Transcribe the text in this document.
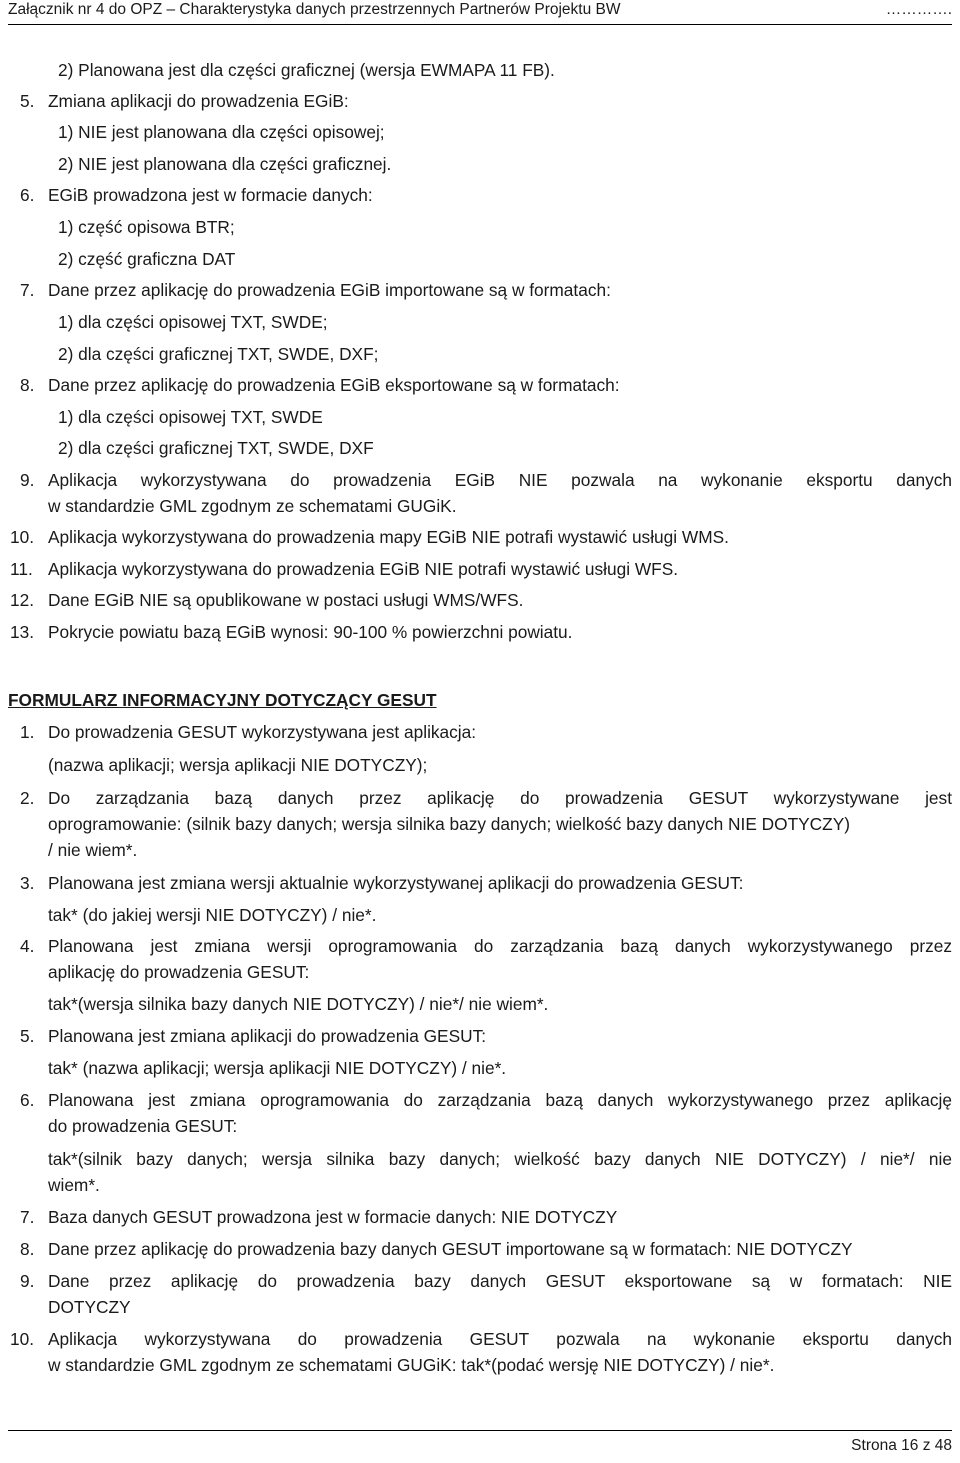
Załącznik nr 4 do OPZ – Charakterystyka danych przestrzennych Partnerów Projektu BW	………….
2) Planowana jest dla części graficznej (wersja EWMAPA 11 FB).
5. Zmiana aplikacji do prowadzenia EGiB:
1) NIE jest planowana dla części opisowej;
2) NIE jest planowana dla części graficznej.
6. EGiB prowadzona jest w formacie danych:
1) część opisowa BTR;
2) część graficzna DAT
7. Dane przez aplikację do prowadzenia EGiB importowane są w formatach:
1) dla części opisowej TXT, SWDE;
2) dla części graficznej TXT, SWDE, DXF;
8. Dane przez aplikację do prowadzenia EGiB eksportowane są w formatach:
1) dla części opisowej TXT, SWDE
2) dla części graficznej TXT, SWDE, DXF
9. Aplikacja wykorzystywana do prowadzenia EGiB NIE pozwala na wykonanie eksportu danych
w standardzie GML zgodnym ze schematami GUGiK.
10. Aplikacja wykorzystywana do prowadzenia mapy EGiB NIE potrafi wystawić usługi WMS.
11. Aplikacja wykorzystywana do prowadzenia EGiB NIE potrafi wystawić usługi WFS.
12. Dane EGiB NIE są opublikowane w postaci usługi WMS/WFS.
13. Pokrycie powiatu bazą EGiB wynosi: 90-100 % powierzchni powiatu.
FORMULARZ INFORMACYJNY DOTYCZĄCY GESUT
1. Do prowadzenia GESUT wykorzystywana jest aplikacja:
(nazwa aplikacji; wersja aplikacji NIE DOTYCZY);
2. Do zarządzania bazą danych przez aplikację do prowadzenia GESUT wykorzystywane jest
oprogramowanie: (silnik bazy danych; wersja silnika bazy danych; wielkość bazy danych NIE DOTYCZY)
/ nie wiem*.
3. Planowana jest zmiana wersji aktualnie wykorzystywanej aplikacji do prowadzenia GESUT:
tak* (do jakiej wersji NIE DOTYCZY) / nie*.
4. Planowana jest zmiana wersji oprogramowania do zarządzania bazą danych wykorzystywanego przez
aplikację do prowadzenia GESUT:
tak*(wersja silnika bazy danych NIE DOTYCZY) / nie*/ nie wiem*.
5. Planowana jest zmiana aplikacji do prowadzenia GESUT:
tak* (nazwa aplikacji; wersja aplikacji NIE DOTYCZY) / nie*.
6. Planowana jest zmiana oprogramowania do zarządzania bazą danych wykorzystywanego przez aplikację
do prowadzenia GESUT:
tak*(silnik bazy danych; wersja silnika bazy danych; wielkość bazy danych NIE DOTYCZY) / nie*/ nie
wiem*.
7. Baza danych GESUT prowadzona jest w formacie danych: NIE DOTYCZY
8. Dane przez aplikację do prowadzenia bazy danych GESUT importowane są w formatach: NIE DOTYCZY
9. Dane przez aplikację do prowadzenia bazy danych GESUT eksportowane są w formatach: NIE
DOTYCZY
10. Aplikacja wykorzystywana do prowadzenia GESUT pozwala na wykonanie eksportu danych
w standardzie GML zgodnym ze schematami GUGiK: tak*(podać wersję NIE DOTYCZY) / nie*.
Strona 16 z 48
